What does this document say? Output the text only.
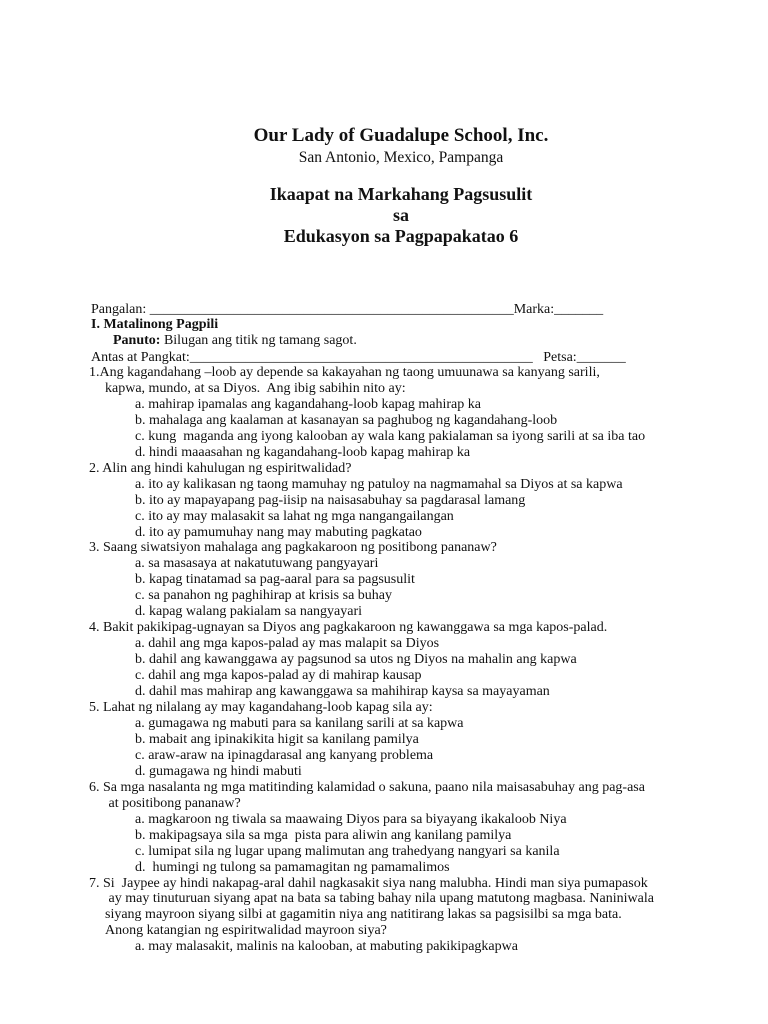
Our Lady of Guadalupe School, Inc.
San Antonio, Mexico, Pampanga
Ikaapat na Markahang Pagsusulit
sa
Edukasyon sa Pagpapakatao 6

Pangalan: ____________________________________________________Marka:_______

Antas at Pangkat:_________________________________________________   Petsa:_______

I. Matalinong Pagpili
Panuto: Bilugan ang titik ng tamang sagot.
1.Ang kagandahang –loob ay depende sa kakayahan ng taong umuunawa sa kanyang sarili,
kapwa, mundo, at sa Diyos.  Ang ibig sabihin nito ay:
a. mahirap ipamalas ang kagandahang-loob kapag mahirap ka
b. mahalaga ang kaalaman at kasanayan sa paghubog ng kagandahang-loob
c. kung  maganda ang iyong kalooban ay wala kang pakialaman sa iyong sarili at sa iba tao
d. hindi maaasahan ng kagandahang-loob kapag mahirap ka
2. Alin ang hindi kahulugan ng espiritwalidad?
a. ito ay kalikasan ng taong mamuhay ng patuloy na nagmamahal sa Diyos at sa kapwa
b. ito ay mapayapang pag-iisip na naisasabuhay sa pagdarasal lamang
c. ito ay may malasakit sa lahat ng mga nangangailangan
d. ito ay pamumuhay nang may mabuting pagkatao
3. Saang siwatsiyon mahalaga ang pagkakaroon ng positibong pananaw?
a. sa masasaya at nakatutuwang pangyayari
b. kapag tinatamad sa pag-aaral para sa pagsusulit
c. sa panahon ng paghihirap at krisis sa buhay
d. kapag walang pakialam sa nangyayari
4. Bakit pakikipag-ugnayan sa Diyos ang pagkakaroon ng kawanggawa sa mga kapos-palad.
a. dahil ang mga kapos-palad ay mas malapit sa Diyos
b. dahil ang kawanggawa ay pagsunod sa utos ng Diyos na mahalin ang kapwa
c. dahil ang mga kapos-palad ay di mahirap kausap
d. dahil mas mahirap ang kawanggawa sa mahihirap kaysa sa mayayaman
5. Lahat ng nilalang ay may kagandahang-loob kapag sila ay:
a. gumagawa ng mabuti para sa kanilang sarili at sa kapwa
b. mabait ang ipinakikita higit sa kanilang pamilya
c. araw-araw na ipinagdarasal ang kanyang problema
d. gumagawa ng hindi mabuti
6. Sa mga nasalanta ng mga matitinding kalamidad o sakuna, paano nila maisasabuhay ang pag-asa
at positibong pananaw?
a. magkaroon ng tiwala sa maawaing Diyos para sa biyayang ikakaloob Niya
b. makipagsaya sila sa mga  pista para aliwin ang kanilang pamilya
c. lumipat sila ng lugar upang malimutan ang trahedyang nangyari sa kanila
d.  humingi ng tulong sa pamamagitan ng pamamalimos
7. Si  Jaypee ay hindi nakapag-aral dahil nagkasakit siya nang malubha. Hindi man siya pumapasok
ay may tinuturuan siyang apat na bata sa tabing bahay nila upang matutong magbasa. Naniniwala
siyang mayroon siyang silbi at gagamitin niya ang natitirang lakas sa pagsisilbi sa mga bata.
Anong katangian ng espiritwalidad mayroon siya?
a. may malasakit, malinis na kalooban, at mabuting pakikipagkapwa
